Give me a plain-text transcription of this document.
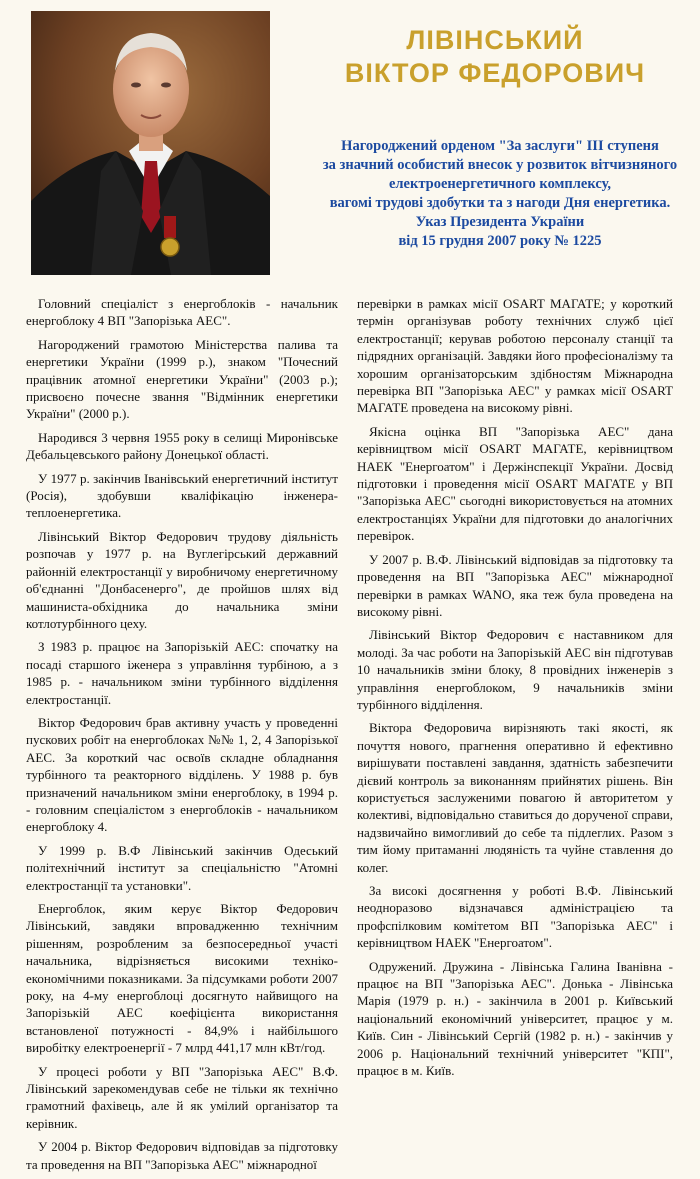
ЛІВІНСЬКИЙ
ВІКТОР ФЕДОРОВИЧ
Нагороджений орденом "За заслуги" III ступеня
за значний особистий внесок у розвиток вітчизняного
електроенергетичного комплексу,
вагомі трудові здобутки та з нагоди Дня енергетика.
Указ Президента України
від 15 грудня 2007 року № 1225

Головний спеціаліст з енергоблоків - начальник енергоблоку 4 ВП "Запорізька АЕС".

Нагороджений грамотою Міністерства палива та енергетики України (1999 р.), знаком "Почесний працівник атомної енергетики України" (2003 р.); присвоєно почесне звання "Відмінник енергетики України" (2000 р.).

Народився 3 червня 1955 року в селищі Миронівське Дебальцевського району Донецької області.

У 1977 р. закінчив Іванівський енергетичний інститут (Росія), здобувши кваліфікацію інженера-теплоенергетика.

Лівінський Віктор Федорович трудову діяльність розпочав у 1977 р. на Вуглегірський державний районній електростанції у виробничому енергетичному об'єднанні "Донбасенерго", де пройшов шлях від машиниста-обхідника до начальника зміни котлотурбінного цеху.

З 1983 р. працює на Запорізькій АЕС: спочатку на посаді старшого іженера з управління турбіною, а з 1985 р. - начальником зміни турбінного відділення електростанції.

Віктор Федорович брав активну участь у проведенні пускових робіт на енергоблоках №№ 1, 2, 4 Запорізької АЕС. За короткий час освоїв складне обладнання турбінного та реакторного відділень. У 1988 р. був призначений начальником зміни енергоблоку, в 1994 р. - головним спеціалістом з енергоблоків - начальником енергоблоку 4.

У 1999 р. В.Ф Лівінський закінчив Одеський політехнічний інститут за спеціальністю "Атомні електростанції та установки".

Енергоблок, яким керує Віктор Федорович Лівінський, завдяки впровадженню технічним рішенням, розробленим за безпосередньої участі начальника, відрізняється високими техніко-економічними показниками. За підсумками роботи 2007 року, на 4-му енергоблоці досягнуто найвищого на Запорізькій АЕС коефіцієнта використання встановленої потужності - 84,9% і найбільшого виробітку електроенергії - 7 млрд 441,17 млн кВт/год.

У процесі роботи у ВП "Запорізька АЕС" В.Ф. Лівінський зарекомендував себе не тільки як технічно грамотний фахівець, але й як умілий організатор та керівник.

У 2004 р. Віктор Федорович відповідав за підготовку та проведення на ВП "Запорізька АЕС" міжнародної

перевірки в рамках місії OSART МАГАТЕ; у короткий термін організував роботу технічних служб цієї електростанції; керував роботою персоналу станції та підрядних організацій. Завдяки його професіоналізму та хорошим організаторським здібностям Міжнародна перевірка ВП "Запорізька АЕС" у рамках місії OSART МАГАТЕ проведена на високому рівні.

Якісна оцінка ВП "Запорізька АЕС" дана керівництвом місії OSART МАГАТЕ, керівництвом НАЕК "Енергоатом" і Держінспекції України. Досвід підготовки і проведення місії OSART МАГАТЕ у ВП "Запорізька АЕС" сьогодні використовується на атомних електростанціях України для підготовки до аналогічних перевірок.

У 2007 р. В.Ф. Лівінський відповідав за підготовку та проведення на ВП "Запорізька АЕС" міжнародної перевірки в рамках WANO, яка теж була проведена на високому рівні.

Лівінський Віктор Федорович є наставником для молоді. За час роботи на Запорізькій АЕС він підготував 10 начальників зміни блоку, 8 провідних інженерів з управління енергоблоком, 9 начальників зміни турбінного відділення.

Віктора Федоровича вирізняють такі якості, як почуття нового, прагнення оперативно й ефективно вирішувати поставлені завдання, здатність забезпечити дієвий контроль за виконанням прийнятих рішень. Він користується заслуженими повагою й авторитетом у колективі, відповідально ставиться до дорученої справи, надзвичайно вимогливий до себе та підлеглих. Разом з тим йому притаманні людяність та чуйне ставлення до колег.

За високі досягнення у роботі В.Ф. Лівінський неодноразово відзначався адміністрацією та профспілковим комітетом ВП "Запорізька АЕС" і керівництвом НАЕК "Енергоатом".

Одружений. Дружина - Лівінська Галина Іванівна - працює на ВП "Запорізька АЕС". Донька - Лівінська Марія (1979 р. н.) - закінчила в 2001 р. Київський національний економічний університет, працює у м. Київ. Син - Лівінський Сергій (1982 р. н.) - закінчив у 2006 р. Національний технічний університет "КПІ", працює в м. Київ.
